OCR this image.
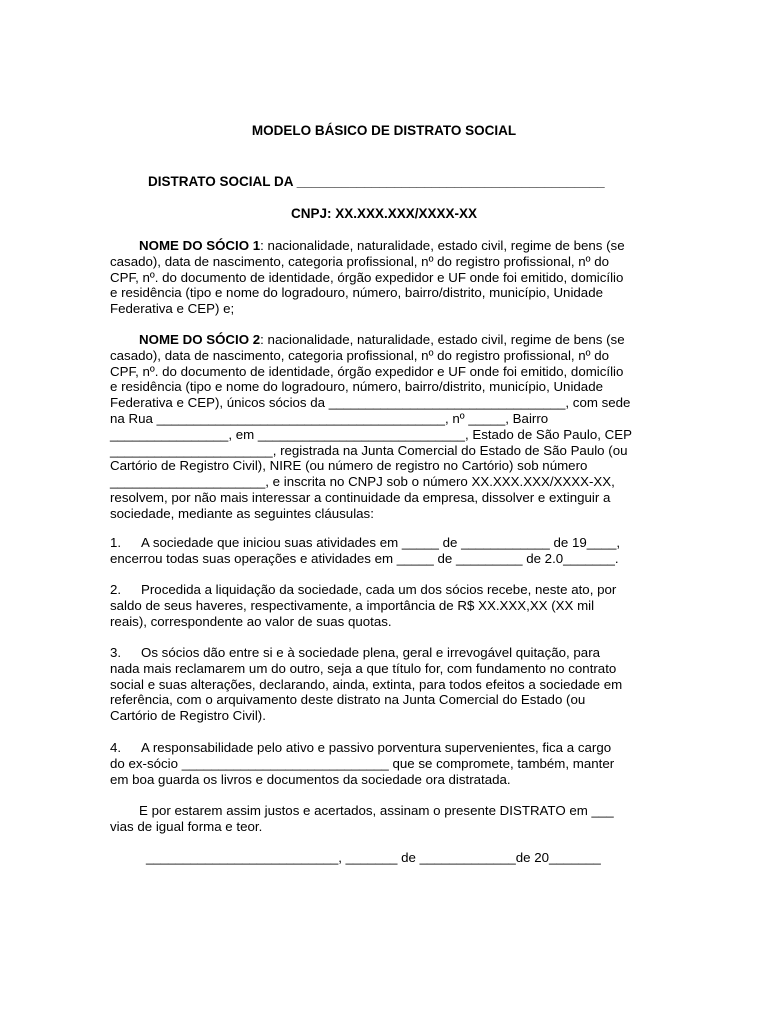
MODELO BÁSICO DE DISTRATO SOCIAL
DISTRATO SOCIAL DA _________________________________________
CNPJ: XX.XXX.XXX/XXXX-XX
NOME DO SÓCIO 1: nacionalidade, naturalidade, estado civil, regime de bens (se
casado), data de nascimento, categoria profissional, nº do registro profissional, nº do
CPF, nº. do documento de identidade, órgão expedidor e UF onde foi emitido, domicílio
e residência (tipo e nome do logradouro, número, bairro/distrito, município, Unidade
Federativa e CEP) e;
NOME DO SÓCIO 2: nacionalidade, naturalidade, estado civil, regime de bens (se
casado), data de nascimento, categoria profissional, nº do registro profissional, nº do
CPF, nº. do documento de identidade, órgão expedidor e UF onde foi emitido, domicílio
e residência (tipo e nome do logradouro, número, bairro/distrito, município, Unidade
Federativa e CEP), únicos sócios da ________________________________, com sede
na Rua _______________________________________, nº _____, Bairro
________________, em ____________________________, Estado de São Paulo, CEP
______________________, registrada na Junta Comercial do Estado de São Paulo (ou
Cartório de Registro Civil), NIRE (ou número de registro no Cartório) sob número
_____________________, e inscrita no CNPJ sob o número XX.XXX.XXX/XXXX-XX,
resolvem, por não mais interessar a continuidade da empresa, dissolver e extinguir a
sociedade, mediante as seguintes cláusulas:
1. A sociedade que iniciou suas atividades em _____ de ____________ de 19____,
encerrou todas suas operações e atividades em _____ de _________ de 2.0_______.
2. Procedida a liquidação da sociedade, cada um dos sócios recebe, neste ato, por
saldo de seus haveres, respectivamente, a importância de R$ XX.XXX,XX (XX mil
reais), correspondente ao valor de suas quotas.
3. Os sócios dão entre si e à sociedade plena, geral e irrevogável quitação, para
nada mais reclamarem um do outro, seja a que título for, com fundamento no contrato
social e suas alterações, declarando, ainda, extinta, para todos efeitos a sociedade em
referência, com o arquivamento deste distrato na Junta Comercial do Estado (ou
Cartório de Registro Civil).
4. A responsabilidade pelo ativo e passivo porventura supervenientes, fica a cargo
do ex-sócio ____________________________ que se compromete, também, manter
em boa guarda os livros e documentos da sociedade ora distratada.
E por estarem assim justos e acertados, assinam o presente DISTRATO em ___
vias de igual forma e teor.
__________________________, _______ de _____________de 20_______
